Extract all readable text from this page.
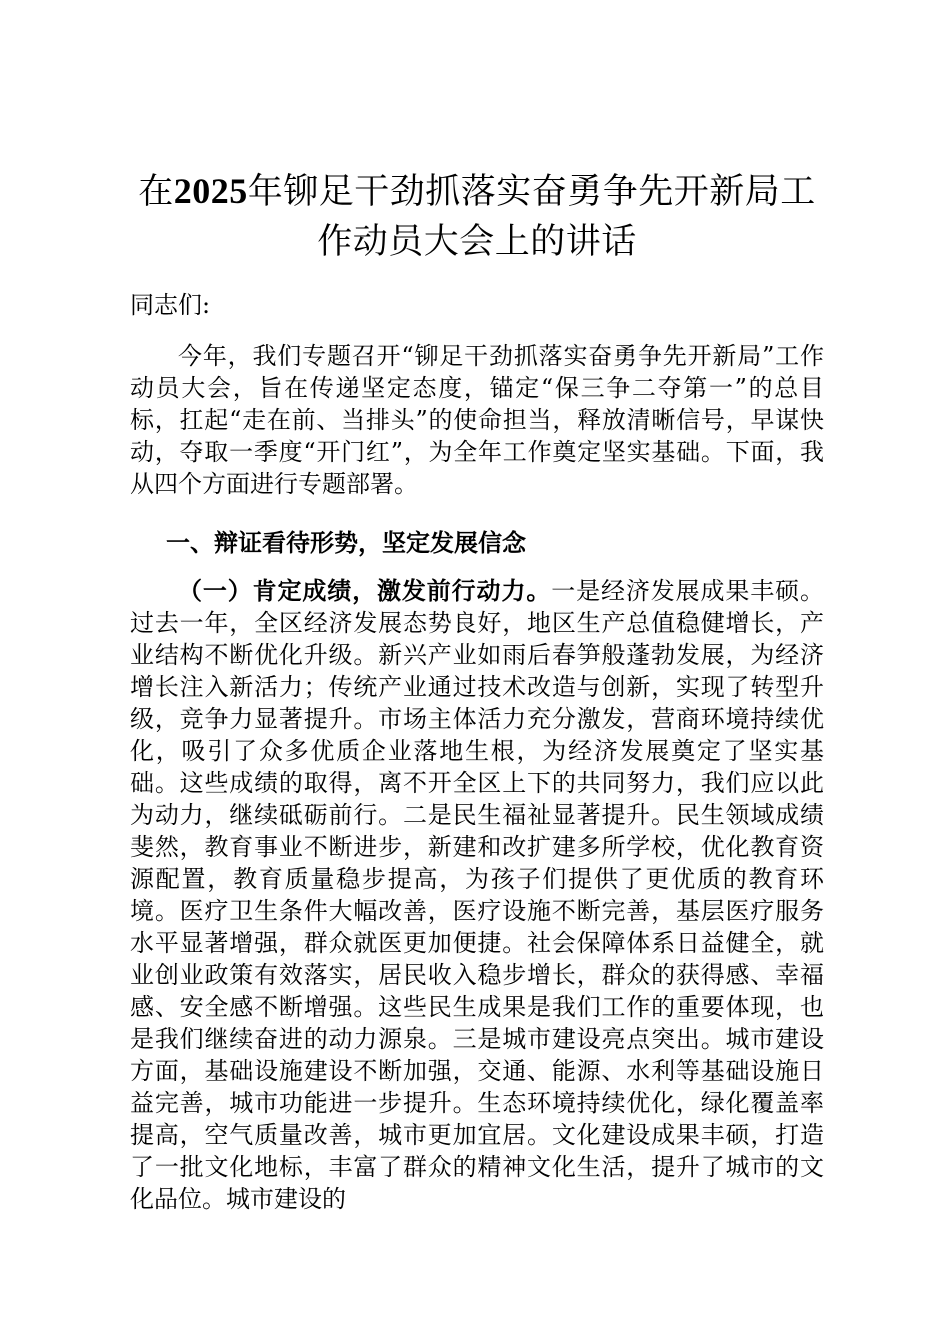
在2025年铆足干劲抓落实奋勇争先开新局工作动员大会上的讲话

同志们:

今年，我们专题召开“铆足干劲抓落实奋勇争先开新局”工作动员大会，旨在传递坚定态度，锚定“保三争二夺第一”的总目标，扛起“走在前、当排头”的使命担当，释放清晰信号，早谋快动，夺取一季度“开门红”，为全年工作奠定坚实基础。下面，我从四个方面进行专题部署。

一、辩证看待形势，坚定发展信念

（一）肯定成绩，激发前行动力。一是经济发展成果丰硕。过去一年，全区经济发展态势良好，地区生产总值稳健增长，产业结构不断优化升级。新兴产业如雨后春笋般蓬勃发展，为经济增长注入新活力；传统产业通过技术改造与创新，实现了转型升级，竞争力显著提升。市场主体活力充分激发，营商环境持续优化，吸引了众多优质企业落地生根，为经济发展奠定了坚实基础。这些成绩的取得，离不开全区上下的共同努力，我们应以此为动力，继续砥砺前行。二是民生福祉显著提升。民生领域成绩斐然，教育事业不断进步，新建和改扩建多所学校，优化教育资源配置，教育质量稳步提高，为孩子们提供了更优质的教育环境。医疗卫生条件大幅改善，医疗设施不断完善，基层医疗服务水平显著增强，群众就医更加便捷。社会保障体系日益健全，就业创业政策有效落实，居民收入稳步增长，群众的获得感、幸福感、安全感不断增强。这些民生成果是我们工作的重要体现，也是我们继续奋进的动力源泉。三是城市建设亮点突出。城市建设方面，基础设施建设不断加强，交通、能源、水利等基础设施日益完善，城市功能进一步提升。生态环境持续优化，绿化覆盖率提高，空气质量改善，城市更加宜居。文化建设成果丰硕，打造了一批文化地标，丰富了群众的精神文化生活，提升了城市的文化品位。城市建设的
